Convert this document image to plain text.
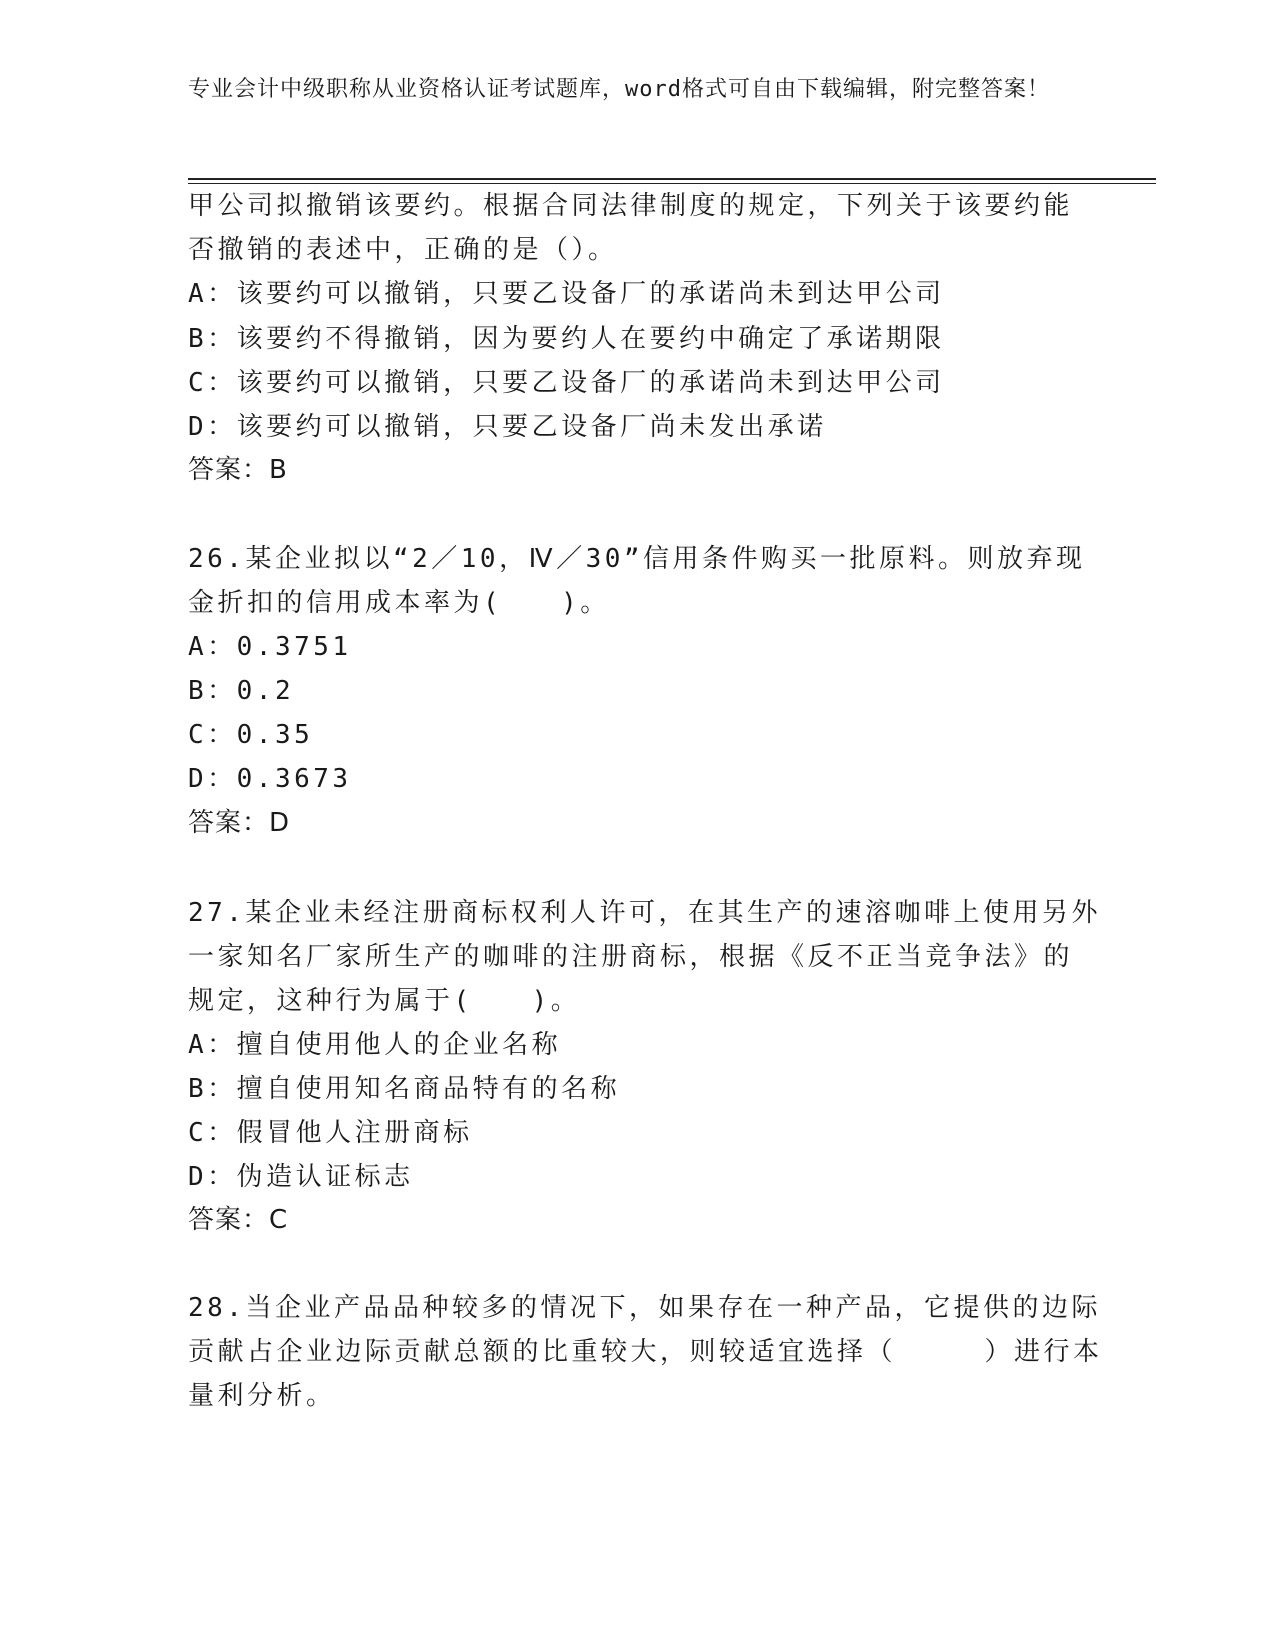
专业会计中级职称从业资格认证考试题库，word格式可自由下载编辑，附完整答案！
甲公司拟撤销该要约。根据合同法律制度的规定，下列关于该要约能
否撤销的表述中，正确的是（）。
A：该要约可以撤销，只要乙设备厂的承诺尚未到达甲公司
B：该要约不得撤销，因为要约人在要约中确定了承诺期限
C：该要约可以撤销，只要乙设备厂的承诺尚未到达甲公司
D：该要约可以撤销，只要乙设备厂尚未发出承诺
答案：B
26.某企业拟以“2／10，Ⅳ／30”信用条件购买一批原料。则放弃现
金折扣的信用成本率为(　　)。
A：0.3751
B：0.2
C：0.35
D：0.3673
答案：D
27.某企业未经注册商标权利人许可，在其生产的速溶咖啡上使用另外
一家知名厂家所生产的咖啡的注册商标，根据《反不正当竞争法》的
规定，这种行为属于(　　)。
A：擅自使用他人的企业名称
B：擅自使用知名商品特有的名称
C：假冒他人注册商标
D：伪造认证标志
答案：C
28.当企业产品品种较多的情况下，如果存在一种产品，它提供的边际
贡献占企业边际贡献总额的比重较大，则较适宜选择（　　　）进行本
量利分析。
